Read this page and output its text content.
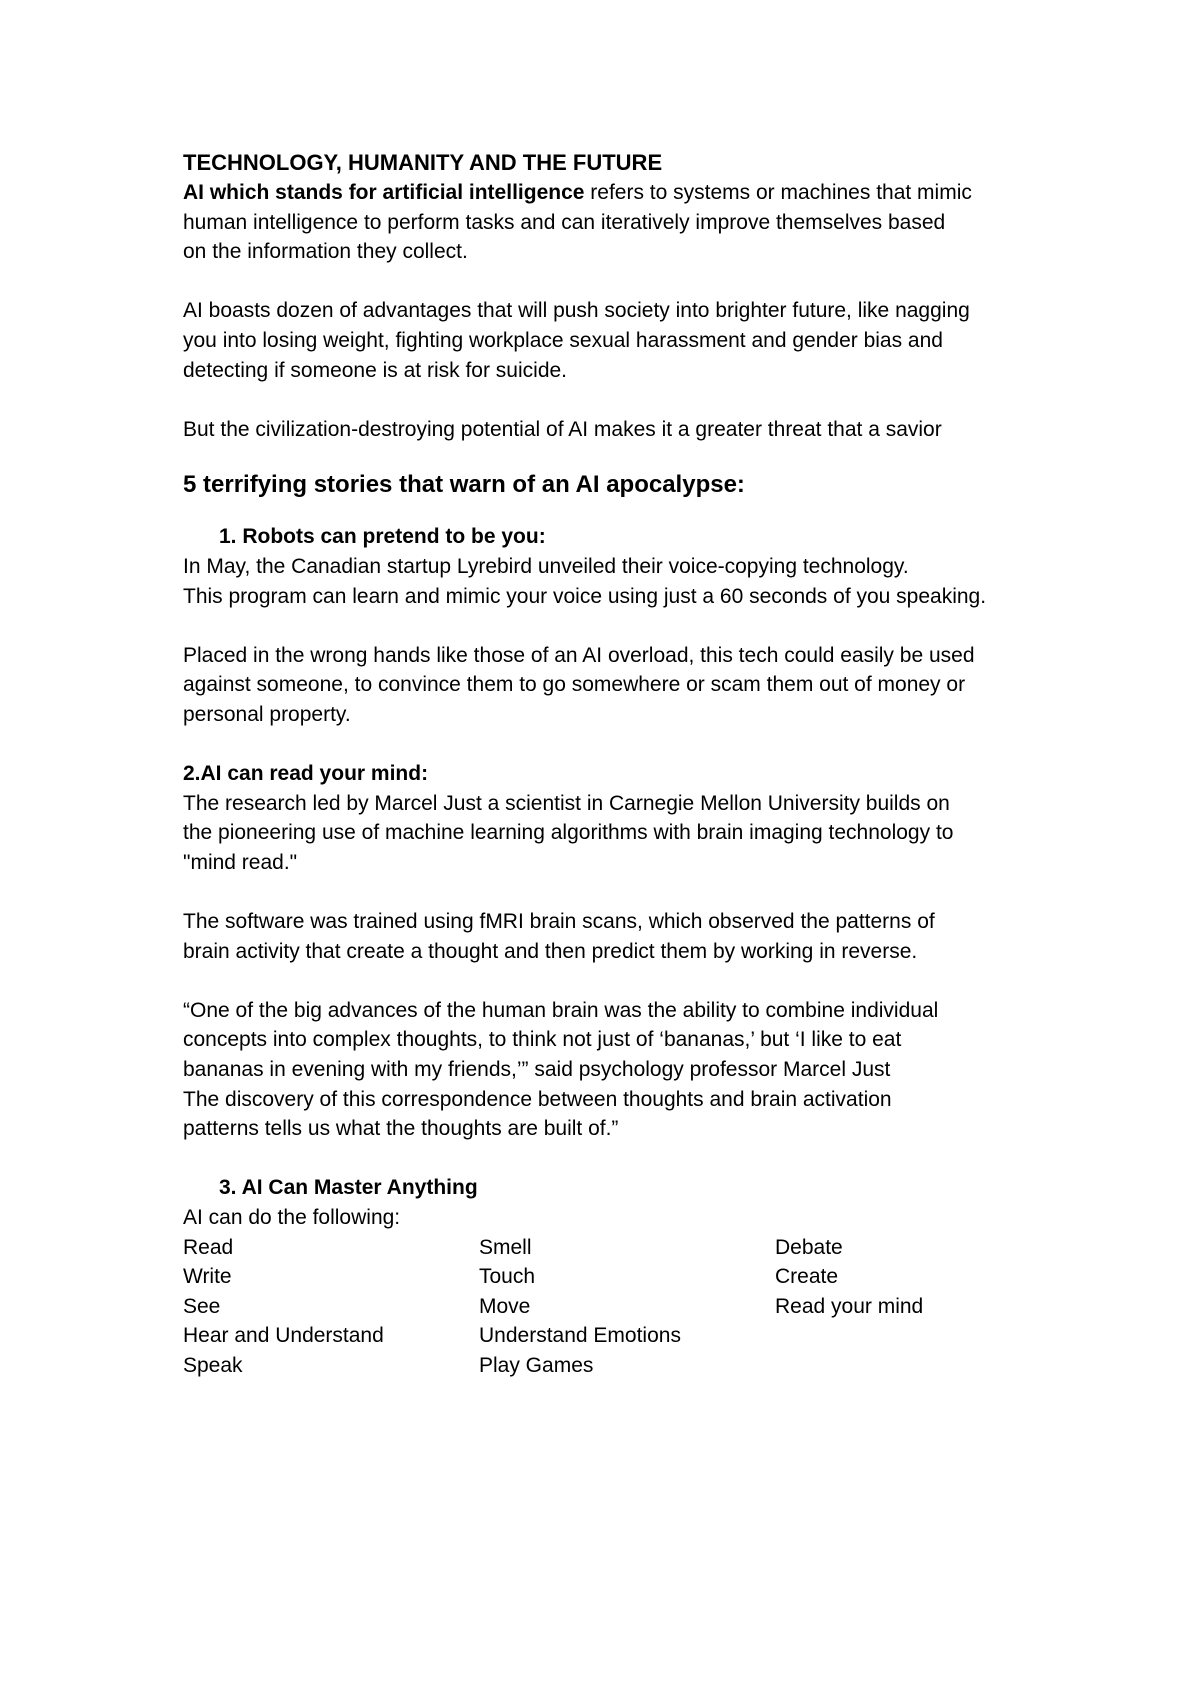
TECHNOLOGY, HUMANITY AND THE FUTURE
AI which stands for artificial intelligence refers to systems or machines that mimic
human intelligence to perform tasks and can iteratively improve themselves based
on the information they collect.
AI boasts dozen of advantages that will push society into brighter future, like nagging
you into losing weight, fighting workplace sexual harassment and gender bias and
detecting if someone is at risk for suicide.
But the civilization-destroying potential of AI makes it a greater threat that a savior
5 terrifying stories that warn of an AI apocalypse:
1. Robots can pretend to be you:
In May, the Canadian startup Lyrebird unveiled their voice-copying technology.
This program can learn and mimic your voice using just a 60 seconds of you speaking.
Placed in the wrong hands like those of an AI overload, this tech could easily be used
against someone, to convince them to go somewhere or scam them out of money or
personal property.
2.AI can read your mind:
The research led by Marcel Just a scientist in Carnegie Mellon University builds on
the pioneering use of machine learning algorithms with brain imaging technology to
"mind read."
The software was trained using fMRI brain scans, which observed the patterns of
brain activity that create a thought and then predict them by working in reverse.
“One of the big advances of the human brain was the ability to combine individual
concepts into complex thoughts, to think not just of ‘bananas,’ but ‘I like to eat
bananas in evening with my friends,’” said psychology professor Marcel Just
The discovery of this correspondence between thoughts and brain activation
patterns tells us what the thoughts are built of.”
3. AI Can Master Anything
AI can do the following:
Read	Smell	Debate
Write	Touch	Create
See	Move	Read your mind
Hear and Understand	Understand Emotions
Speak	Play Games
